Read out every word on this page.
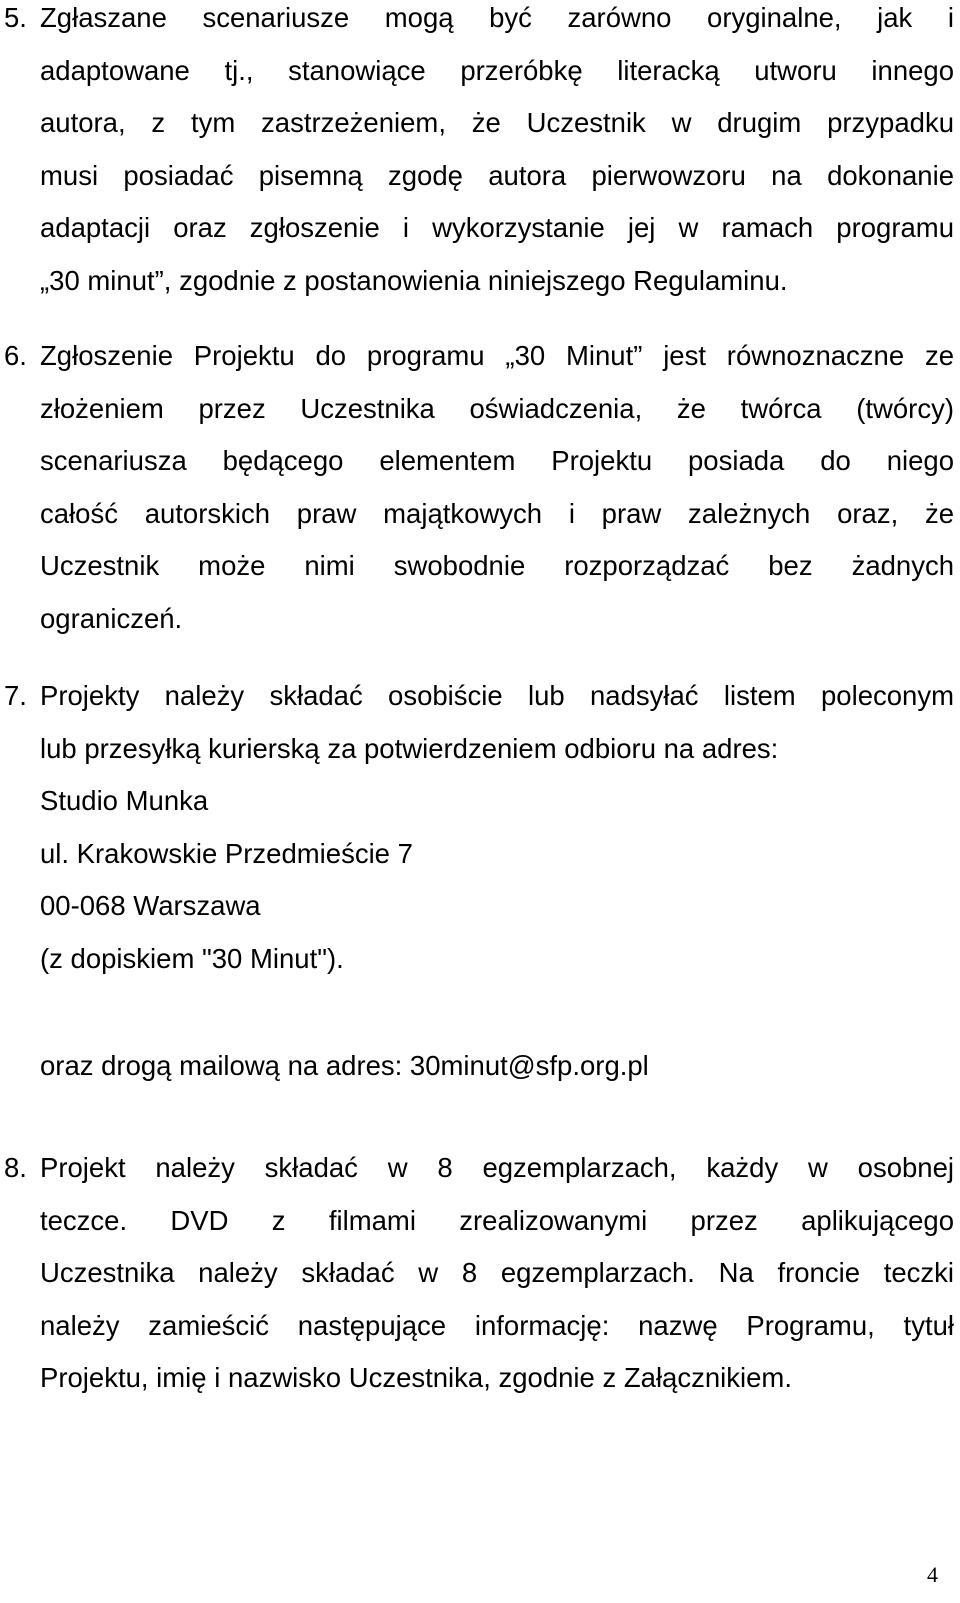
5. Zgłaszane scenariusze mogą być zarówno oryginalne, jak i
adaptowane tj., stanowiące przeróbkę literacką utworu innego
autora, z tym zastrzeżeniem, że Uczestnik w drugim przypadku
musi posiadać pisemną zgodę autora pierwowzoru na dokonanie
adaptacji oraz zgłoszenie i wykorzystanie jej w ramach programu
„30 minut”, zgodnie z postanowienia niniejszego Regulaminu.
6. Zgłoszenie Projektu do programu „30 Minut” jest równoznaczne ze
złożeniem przez Uczestnika oświadczenia, że twórca (twórcy)
scenariusza będącego elementem Projektu posiada do niego
całość autorskich praw majątkowych i praw zależnych oraz, że
Uczestnik może nimi swobodnie rozporządzać bez żadnych
ograniczeń.
7. Projekty należy składać osobiście lub nadsyłać listem poleconym
lub przesyłką kurierską za potwierdzeniem odbioru na adres:
Studio Munka
ul. Krakowskie Przedmieście 7
00-068 Warszawa
(z dopiskiem "30 Minut").
oraz drogą mailową na adres: 30minut@sfp.org.pl
8. Projekt należy składać w 8 egzemplarzach, każdy w osobnej
teczce. DVD z filmami zrealizowanymi przez aplikującego
Uczestnika należy składać w 8 egzemplarzach. Na froncie teczki
należy zamieścić następujące informację: nazwę Programu, tytuł
Projektu, imię i nazwisko Uczestnika, zgodnie z Załącznikiem.
4
